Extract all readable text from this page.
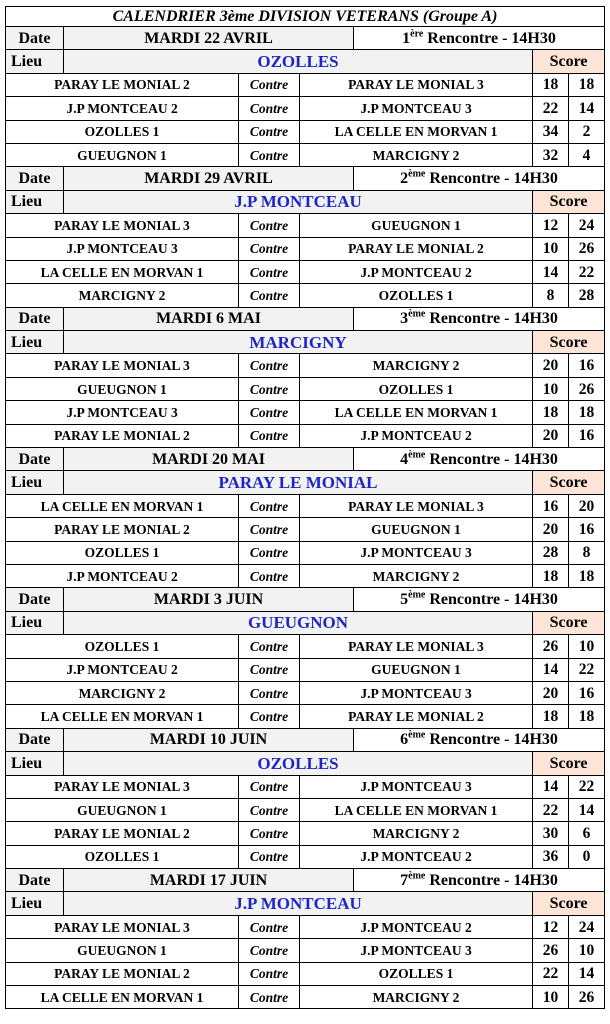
CALENDRIER 3ème DIVISION VETERANS (Groupe A)						
Date	MARDI 22 AVRIL			1ère Rencontre - 14H30		
Lieu	OZOLLES				Score	
PARAY LE MONIAL 2		Contre	PARAY LE MONIAL 3		18	18
J.P MONTCEAU 2		Contre	J.P MONTCEAU 3		22	14
OZOLLES 1		Contre	LA CELLE EN MORVAN 1		34	2
GUEUGNON 1		Contre	MARCIGNY 2		32	4
Date	MARDI 29 AVRIL			2ème Rencontre - 14H30		
Lieu	J.P MONTCEAU				Score	
PARAY LE MONIAL 3		Contre	GUEUGNON 1		12	24
J.P MONTCEAU 3		Contre	PARAY LE MONIAL 2		10	26
LA CELLE EN MORVAN 1		Contre	J.P MONTCEAU 2		14	22
MARCIGNY 2		Contre	OZOLLES 1		8	28
Date	MARDI 6 MAI			3ème Rencontre - 14H30		
Lieu	MARCIGNY				Score	
PARAY LE MONIAL 3		Contre	MARCIGNY 2		20	16
GUEUGNON 1		Contre	OZOLLES 1		10	26
J.P MONTCEAU 3		Contre	LA CELLE EN MORVAN 1		18	18
PARAY LE MONIAL 2		Contre	J.P MONTCEAU 2		20	16
Date	MARDI 20 MAI			4ème Rencontre - 14H30		
Lieu	PARAY LE MONIAL				Score	
LA CELLE EN MORVAN 1		Contre	PARAY LE MONIAL 3		16	20
PARAY LE MONIAL 2		Contre	GUEUGNON 1		20	16
OZOLLES 1		Contre	J.P MONTCEAU 3		28	8
J.P MONTCEAU 2		Contre	MARCIGNY 2		18	18
Date	MARDI 3 JUIN			5ème Rencontre - 14H30		
Lieu	GUEUGNON				Score	
OZOLLES 1		Contre	PARAY LE MONIAL 3		26	10
J.P MONTCEAU 2		Contre	GUEUGNON 1		14	22
MARCIGNY 2		Contre	J.P MONTCEAU 3		20	16
LA CELLE EN MORVAN 1		Contre	PARAY LE MONIAL 2		18	18
Date	MARDI 10 JUIN			6ème Rencontre - 14H30		
Lieu	OZOLLES				Score	
PARAY LE MONIAL 3		Contre	J.P MONTCEAU 3		14	22
GUEUGNON 1		Contre	LA CELLE EN MORVAN 1		22	14
PARAY LE MONIAL 2		Contre	MARCIGNY 2		30	6
OZOLLES 1		Contre	J.P MONTCEAU 2		36	0
Date	MARDI 17 JUIN			7ème Rencontre - 14H30		
Lieu	J.P MONTCEAU				Score	
PARAY LE MONIAL 3		Contre	J.P MONTCEAU 2		12	24
GUEUGNON 1		Contre	J.P MONTCEAU 3		26	10
PARAY LE MONIAL 2		Contre	OZOLLES 1		22	14
LA CELLE EN MORVAN 1		Contre	MARCIGNY 2		10	26
